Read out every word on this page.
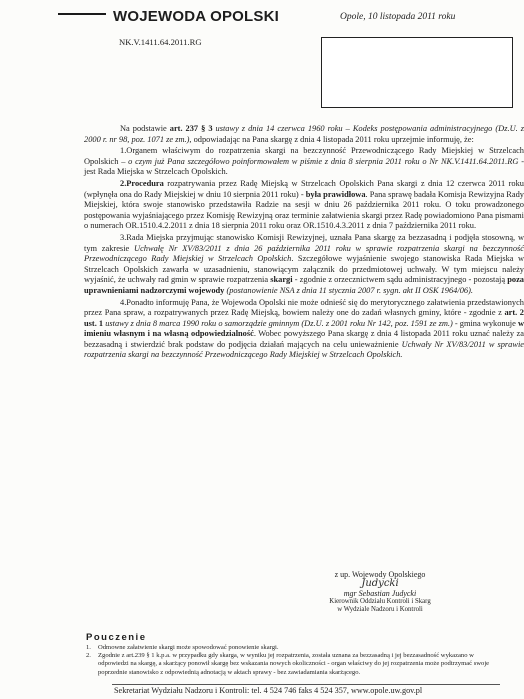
WOJEWODA OPOLSKI	Opole, 10 listopada 2011 roku
NK.V.1411.64.2011.RG

Na podstawie art. 237 § 3 ustawy z dnia 14 czerwca 1960 roku – Kodeks postępowania administracyjnego (Dz.U. z 2000 r. nr 98, poz. 1071 ze zm.), odpowiadając na Pana skargę z dnia 4 listopada 2011 roku uprzejmie informuję, że:

1.Organem właściwym do rozpatrzenia skargi na bezczynność Przewodniczącego Rady Miejskiej w Strzelcach Opolskich – o czym już Pana szczegółowo poinformowałem w piśmie z dnia 8 sierpnia 2011 roku o Nr NK.V.1411.64.2011.RG - jest Rada Miejska w Strzelcach Opolskich.

2.Procedura rozpatrywania przez Radę Miejską w Strzelcach Opolskich Pana skargi z dnia 12 czerwca 2011 roku (wpłynęła ona do Rady Miejskiej w dniu 10 sierpnia 2011 roku) - była prawidłowa. Pana sprawę badała Komisja Rewizyjna Rady Miejskiej, która swoje stanowisko przedstawiła Radzie na sesji w dniu 26 października 2011 roku. O toku prowadzonego postępowania wyjaśniającego przez Komisję Rewizyjną oraz terminie załatwienia skargi przez Radę powiadomiono Pana pismami o numerach OR.1510.4.2.2011 z dnia 18 sierpnia 2011 roku oraz OR.1510.4.3.2011 z dnia 7 października 2011 roku.

3.Rada Miejska przyjmując stanowisko Komisji Rewizyjnej, uznała Pana skargę za bezzasadną i podjęła stosowną, w tym zakresie Uchwałę Nr XV/83/2011 z dnia 26 października 2011 roku w sprawie rozpatrzenia skargi na bezczynność Przewodniczącego Rady Miejskiej w Strzelcach Opolskich. Szczegółowe wyjaśnienie swojego stanowiska Rada Miejska w Strzelcach Opolskich zawarła w uzasadnieniu, stanowiącym załącznik do przedmiotowej uchwały. W tym miejscu należy wyjaśnić, że uchwały rad gmin w sprawie rozpatrzenia skargi - zgodnie z orzecznictwem sądu administracyjnego - pozostają poza uprawnieniami nadzorczymi wojewody (postanowienie NSA z dnia 11 stycznia 2007 r. sygn. akt II OSK 1964/06).

4.Ponadto informuję Pana, że Wojewoda Opolski nie może odnieść się do merytorycznego załatwienia przedstawionych przez Pana spraw, a rozpatrywanych przez Radę Miejską, bowiem należy one do zadań własnych gminy, które - zgodnie z art. 2 ust. 1 ustawy z dnia 8 marca 1990 roku o samorządzie gminnym (Dz.U. z 2001 roku Nr 142, poz. 1591 ze zm.) - gmina wykonuje w imieniu własnym i na własną odpowiedzialność. Wobec powyższego Pana skargę z dnia 4 listopada 2011 roku uznać należy za bezzasadną i stwierdzić brak podstaw do podjęcia działań mających na celu unieważnienie Uchwały Nr XV/83/2011 w sprawie rozpatrzenia skargi na bezczynność Przewodniczącego Rady Miejskiej w Strzelcach Opolskich.

z up. Wojewody Opolskiego
Judycki
mgr Sebastian Judycki
Kierownik Oddziału Kontroli i Skarg
w Wydziale Nadzoru i Kontroli
Pouczenie
1.	Odmowne załatwienie skargi może spowodować ponowienie skargi.
2.	Zgodnie z art.239 § 1 k.p.a. w przypadku gdy skarga, w wyniku jej rozpatrzenia, została uznana za bezzasadną i jej bezzasadność wykazano w odpowiedzi na skargę, a skarżący ponowił skargę bez wskazania nowych okoliczności - organ właściwy do jej rozpatrzenia może podtrzymać swoje poprzednie stanowisko z odpowiednią adnotacją w aktach sprawy - bez zawiadamiania skarżącego.
Sekretariat Wydziału Nadzoru i Kontroli: tel. 4 524 746 faks 4 524 357, www.opole.uw.gov.pl
